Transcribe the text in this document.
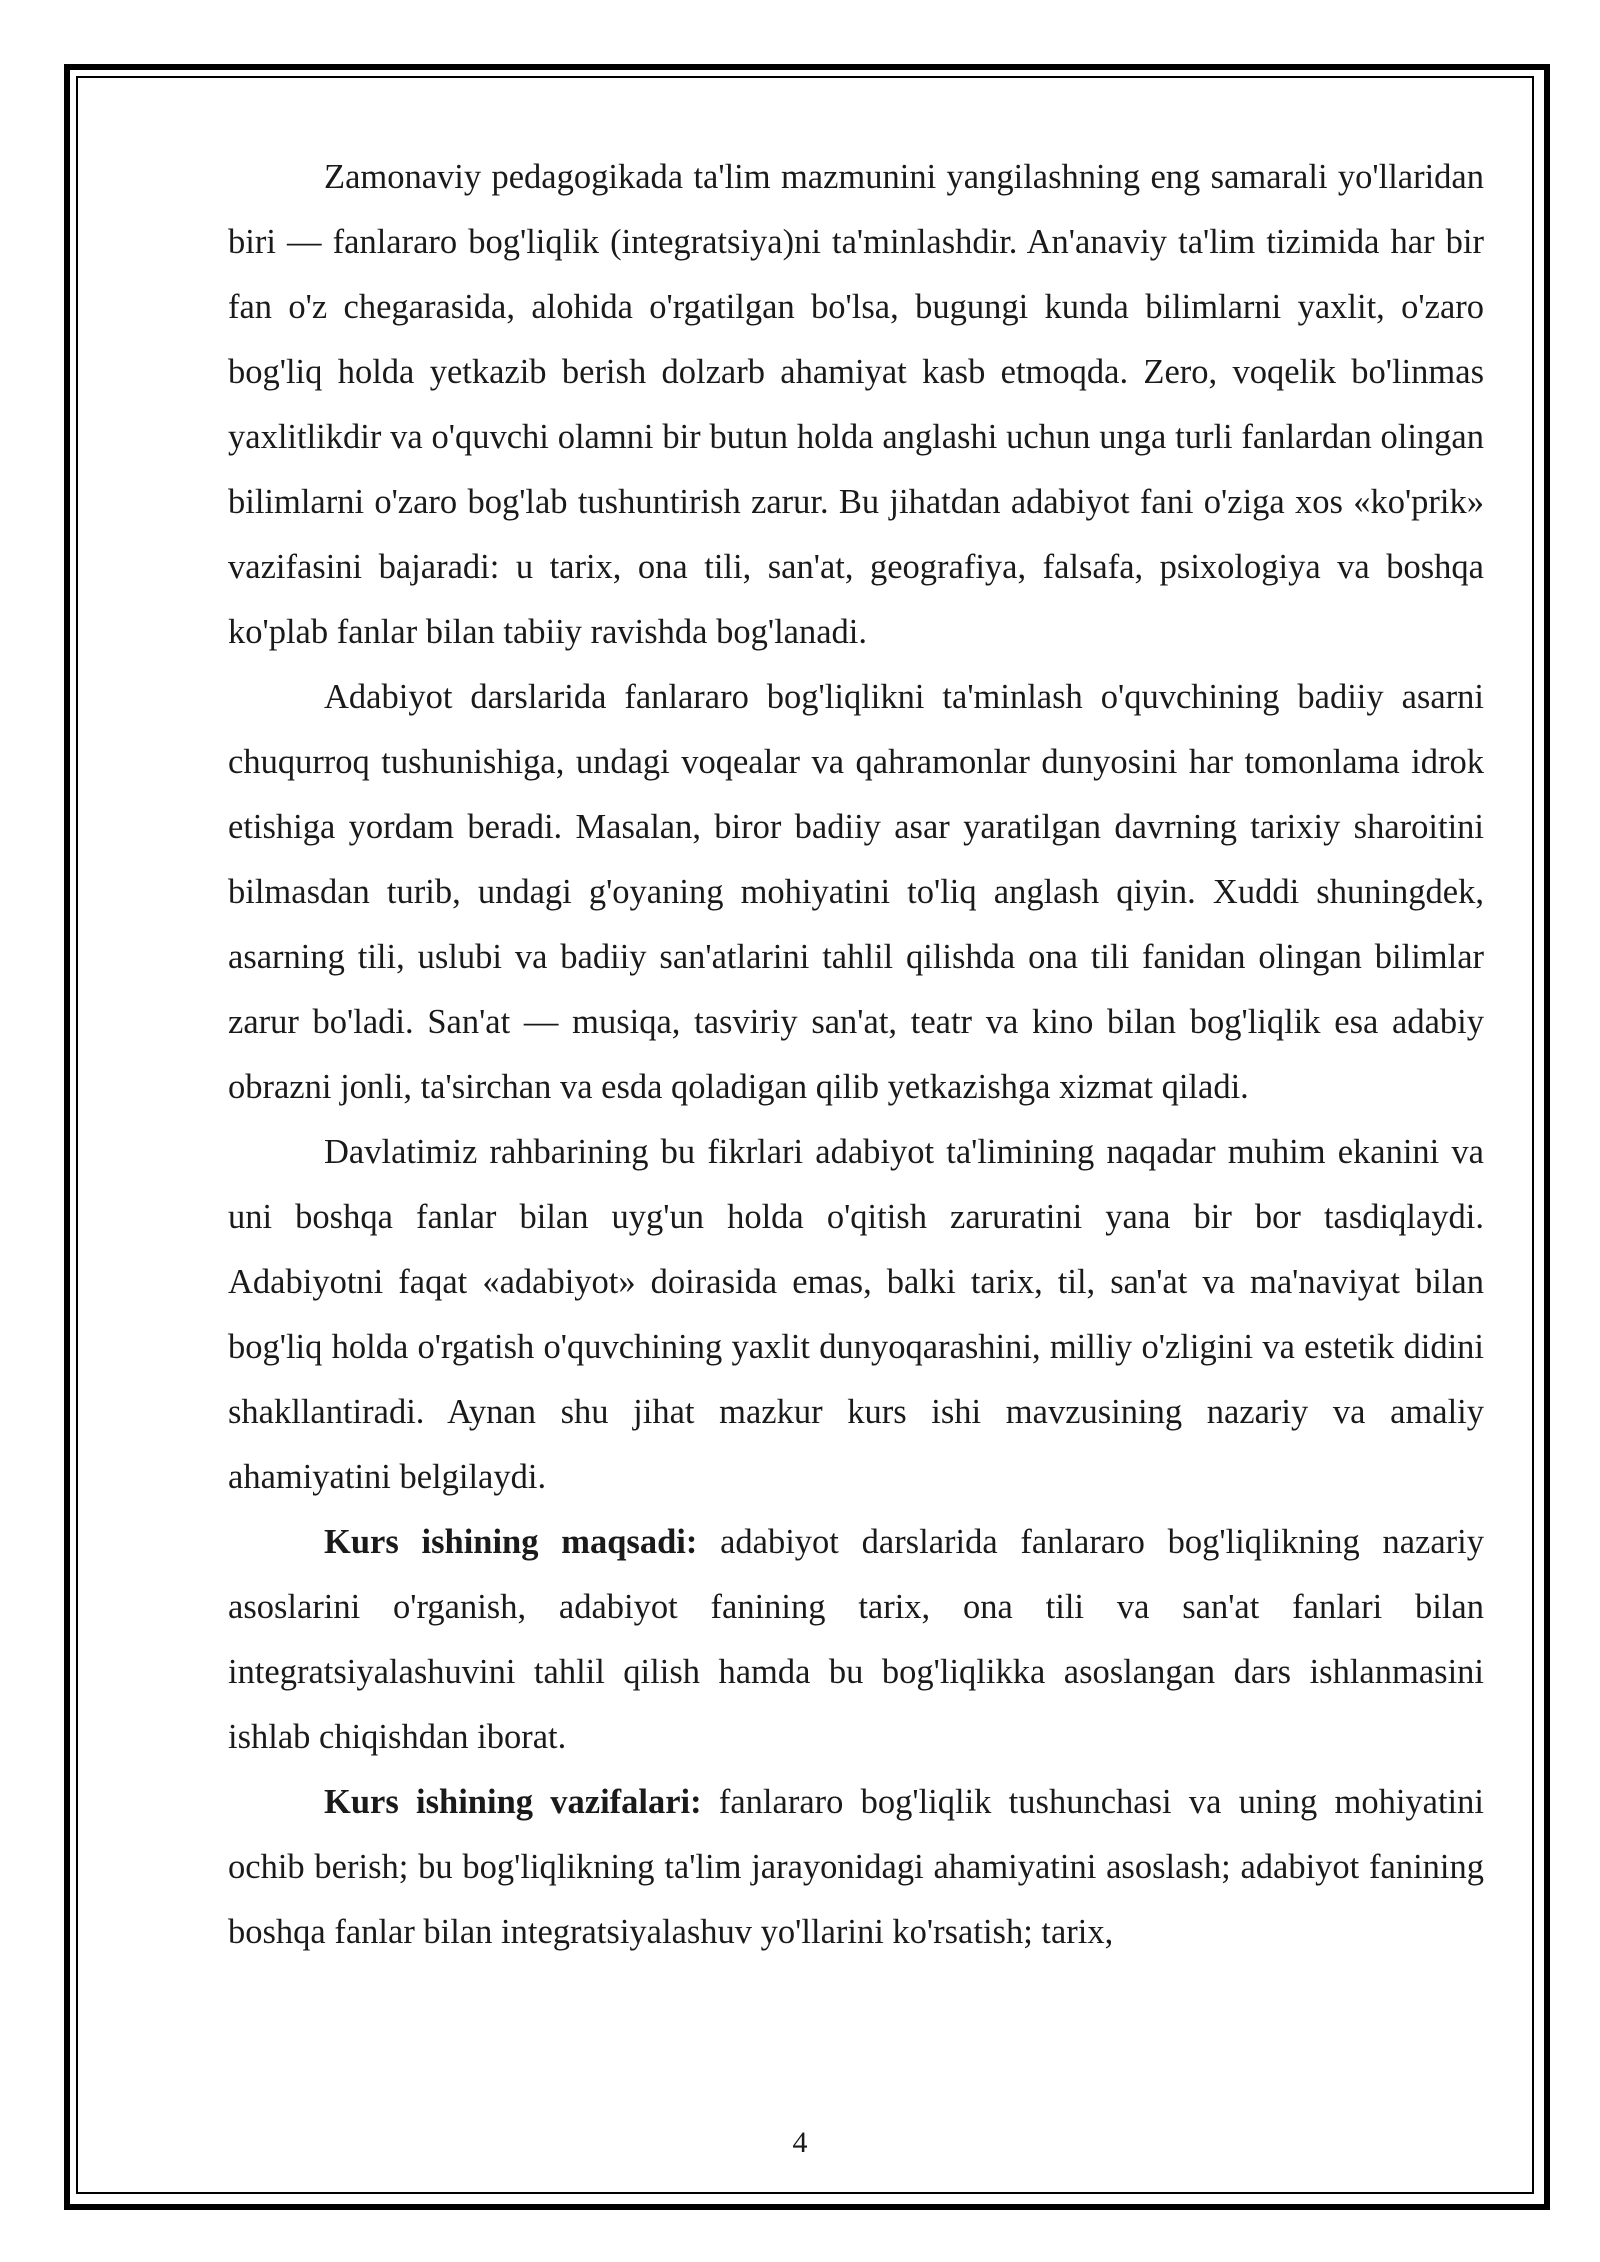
Zamonaviy pedagogikada ta'lim mazmunini yangilashning eng samarali yo'llaridan biri — fanlararo bog'liqlik (integratsiya)ni ta'minlashdir. An'anaviy ta'lim tizimida har bir fan o'z chegarasida, alohida o'rgatilgan bo'lsa, bugungi kunda bilimlarni yaxlit, o'zaro bog'liq holda yetkazib berish dolzarb ahamiyat kasb etmoqda. Zero, voqelik bo'linmas yaxlitlikdir va o'quvchi olamni bir butun holda anglashi uchun unga turli fanlardan olingan bilimlarni o'zaro bog'lab tushuntirish zarur. Bu jihatdan adabiyot fani o'ziga xos «ko'prik» vazifasini bajaradi: u tarix, ona tili, san'at, geografiya, falsafa, psixologiya va boshqa ko'plab fanlar bilan tabiiy ravishda bog'lanadi.

Adabiyot darslarida fanlararo bog'liqlikni ta'minlash o'quvchining badiiy asarni chuqurroq tushunishiga, undagi voqealar va qahramonlar dunyosini har tomonlama idrok etishiga yordam beradi. Masalan, biror badiiy asar yaratilgan davrning tarixiy sharoitini bilmasdan turib, undagi g'oyaning mohiyatini to'liq anglash qiyin. Xuddi shuningdek, asarning tili, uslubi va badiiy san'atlarini tahlil qilishda ona tili fanidan olingan bilimlar zarur bo'ladi. San'at — musiqa, tasviriy san'at, teatr va kino bilan bog'liqlik esa adabiy obrazni jonli, ta'sirchan va esda qoladigan qilib yetkazishga xizmat qiladi.

Davlatimiz rahbarining bu fikrlari adabiyot ta'limining naqadar muhim ekanini va uni boshqa fanlar bilan uyg'un holda o'qitish zaruratini yana bir bor tasdiqlaydi. Adabiyotni faqat «adabiyot» doirasida emas, balki tarix, til, san'at va ma'naviyat bilan bog'liq holda o'rgatish o'quvchining yaxlit dunyoqarashini, milliy o'zligini va estetik didini shakllantiradi. Aynan shu jihat mazkur kurs ishi mavzusining nazariy va amaliy ahamiyatini belgilaydi.

Kurs ishining maqsadi: adabiyot darslarida fanlararo bog'liqlikning nazariy asoslarini o'rganish, adabiyot fanining tarix, ona tili va san'at fanlari bilan integratsiyalashuvini tahlil qilish hamda bu bog'liqlikka asoslangan dars ishlanmasini ishlab chiqishdan iborat.

Kurs ishining vazifalari: fanlararo bog'liqlik tushunchasi va uning mohiyatini ochib berish; bu bog'liqlikning ta'lim jarayonidagi ahamiyatini asoslash; adabiyot fanining boshqa fanlar bilan integratsiyalashuv yo'llarini ko'rsatish; tarix,

4
